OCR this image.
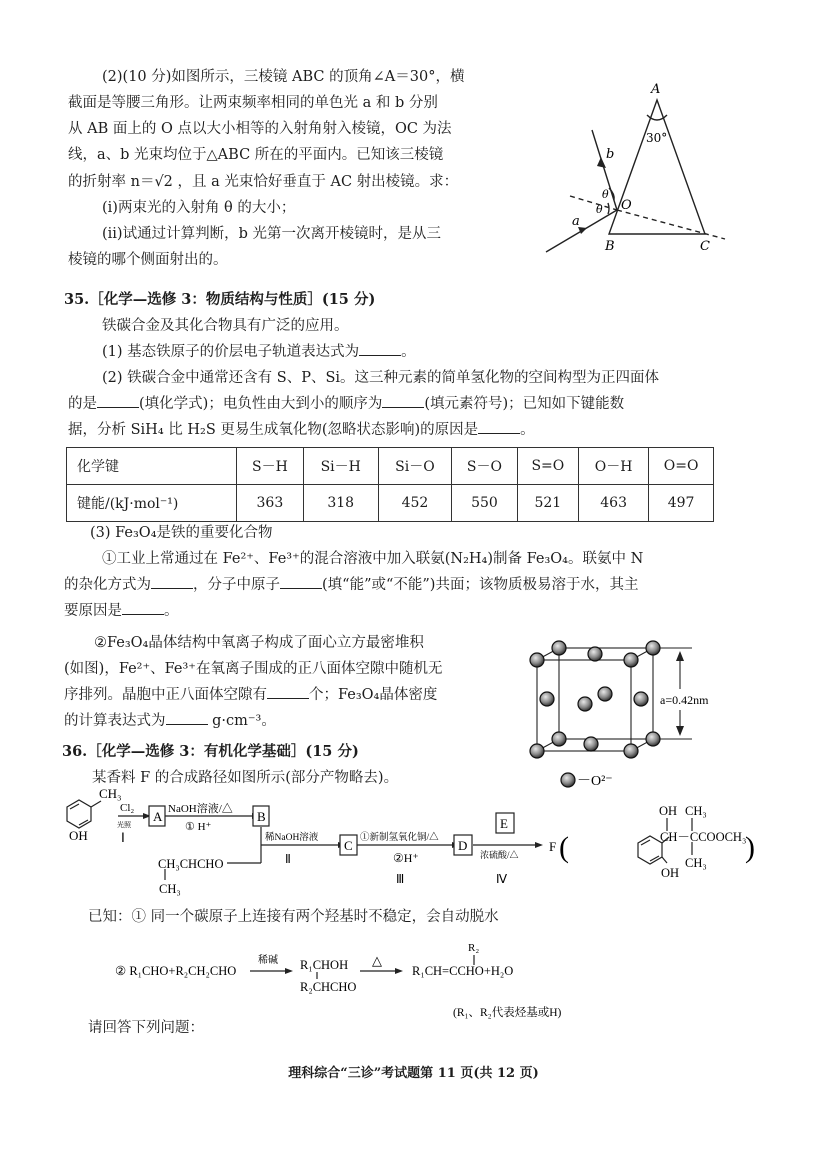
(2)(10 分)如图所示，三棱镜 ABC 的顶角∠A＝30°，横
截面是等腰三角形。让两束频率相同的单色光 a 和 b 分别
从 AB 面上的 O 点以大小相等的入射角射入棱镜，OC 为法
线，a、b 光束均位于△ABC 所在的平面内。已知该三棱镜
的折射率 n＝√2 ，且 a 光束恰好垂直于 AC 射出棱镜。求：
(ⅰ)两束光的入射角 θ 的大小；
(ⅱ)试通过计算判断，b 光第一次离开棱镜时，是从三
棱镜的哪个侧面射出的。
A
30°
b
θ
θ O
a
B	C
35.［化学—选修 3：物质结构与性质］(15 分)
铁碳合金及其化合物具有广泛的应用。
(1) 基态铁原子的价层电子轨道表达式为	。
(2) 铁碳合金中通常还含有 S、P、Si。这三种元素的简单氢化物的空间构型为正四面体
的是	(填化学式)；电负性由大到小的顺序为	(填元素符号)；已知如下键能数
据，分析 SiH₄ 比 H₂S 更易生成氧化物(忽略状态影响)的原因是	。
化学键	S－H	Si－H	Si－O	S－O	S=O	O－H	O=O
键能/(kJ·mol⁻¹)	363	318	452	550	521	463	497
(3) Fe₃O₄是铁的重要化合物
①工业上常通过在 Fe²⁺、Fe³⁺的混合溶液中加入联氨(N₂H₄)制备 Fe₃O₄。联氨中 N
的杂化方式为	，分子中原子	(填“能”或“不能”)共面；该物质极易溶于水，其主
要原因是	。
②Fe₃O₄晶体结构中氧离子构成了面心立方最密堆积
(如图)，Fe²⁺、Fe³⁺在氧离子围成的正八面体空隙中随机无
序排列。晶胞中正八面体空隙有	个；Fe₃O₄晶体密度
的计算表达式为	g·cm⁻³。
a=0.42nm
－O²⁻
36.［化学—选修 3：有机化学基础］(15 分)
某香料 F 的合成路径如图所示(部分产物略去)。
CH₃
OH
Cl₂
光照
Ⅰ
A NaOH溶液/△
① H⁺
B
稀NaOH溶液
Ⅱ
CH₃CHCHO
CH₃
C ①新制氢氧化铜/△
②H⁺
Ⅲ
D
E
浓硫酸/△
Ⅳ
F (
OH CH₃
CH－CCOOCH₃
CH₃
OH
)
已知：① 同一个碳原子上连接有两个羟基时不稳定，会自动脱水
② R₁CHO+R₂CH₂CHO
稀碱 R₁CHOH
R₂CHCHO
△
R₂
R₁CH=CCHO+H₂O
(R₁、R₂代表烃基或H)
请回答下列问题：
理科综合“三诊”考试题第 11 页(共 12 页)
